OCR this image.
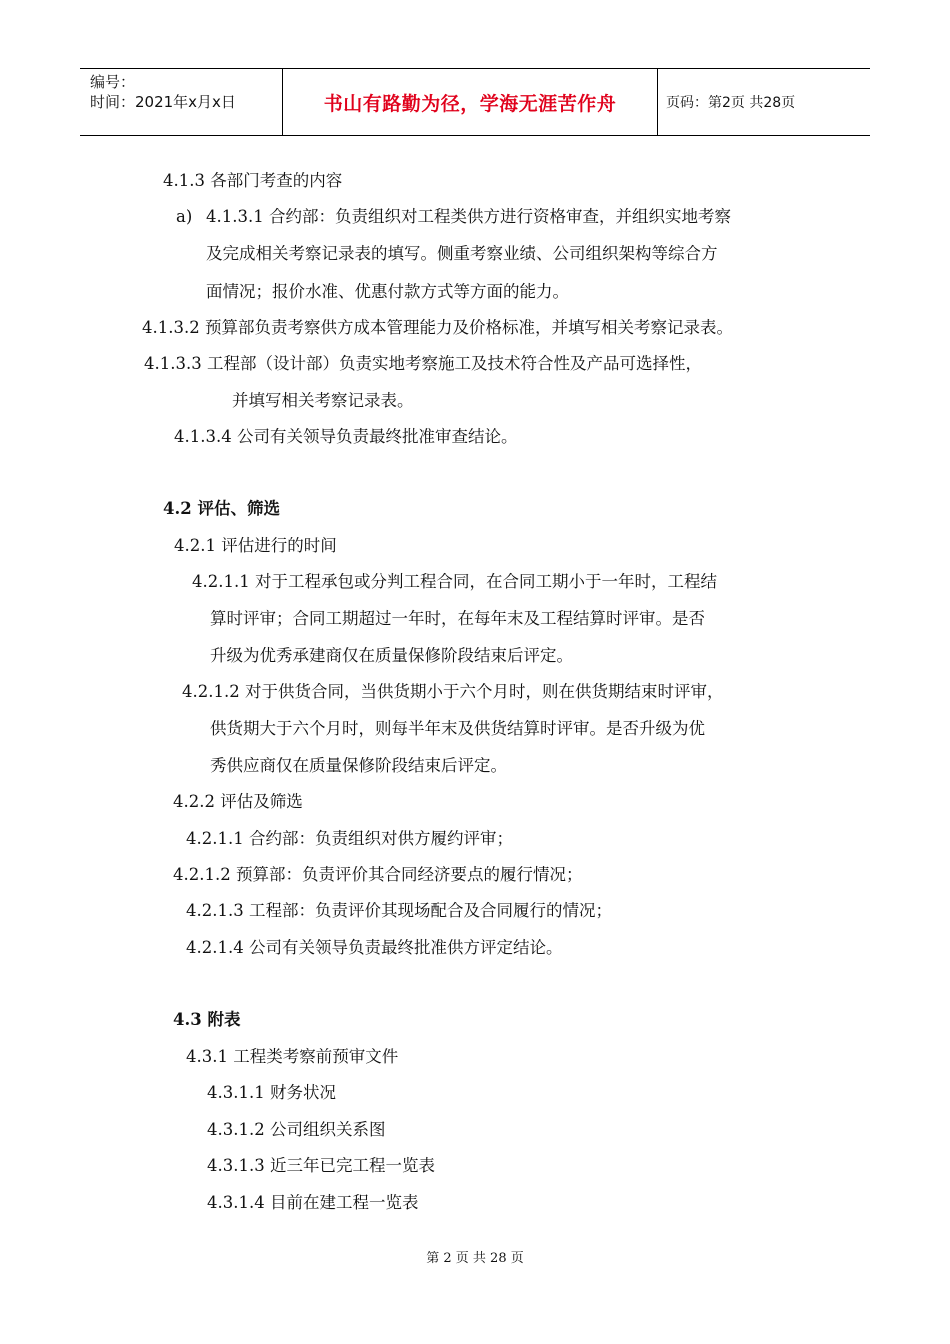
编号：
时间：2021年x月x日	书山有路勤为径，学海无涯苦作舟	页码：第2页 共28页
4.1.3 各部门考查的内容
a) 4.1.3.1 合约部：负责组织对工程类供方进行资格审查，并组织实地考察
及完成相关考察记录表的填写。侧重考察业绩、公司组织架构等综合方
面情况；报价水准、优惠付款方式等方面的能力。
4.1.3.2 预算部负责考察供方成本管理能力及价格标准，并填写相关考察记录表。
4.1.3.3 工程部（设计部）负责实地考察施工及技术符合性及产品可选择性，
并填写相关考察记录表。
4.1.3.4 公司有关领导负责最终批准审查结论。
4.2 评估、筛选
4.2.1 评估进行的时间
4.2.1.1 对于工程承包或分判工程合同，在合同工期小于一年时，工程结
算时评审；合同工期超过一年时，在每年末及工程结算时评审。是否
升级为优秀承建商仅在质量保修阶段结束后评定。
4.2.1.2 对于供货合同，当供货期小于六个月时，则在供货期结束时评审，
供货期大于六个月时，则每半年末及供货结算时评审。是否升级为优
秀供应商仅在质量保修阶段结束后评定。
4.2.2 评估及筛选
4.2.1.1 合约部：负责组织对供方履约评审；
4.2.1.2 预算部：负责评价其合同经济要点的履行情况；
4.2.1.3 工程部：负责评价其现场配合及合同履行的情况；
4.2.1.4 公司有关领导负责最终批准供方评定结论。
4.3 附表
4.3.1 工程类考察前预审文件
4.3.1.1 财务状况
4.3.1.2 公司组织关系图
4.3.1.3 近三年已完工程一览表
4.3.1.4 目前在建工程一览表
第 2 页 共 28 页
